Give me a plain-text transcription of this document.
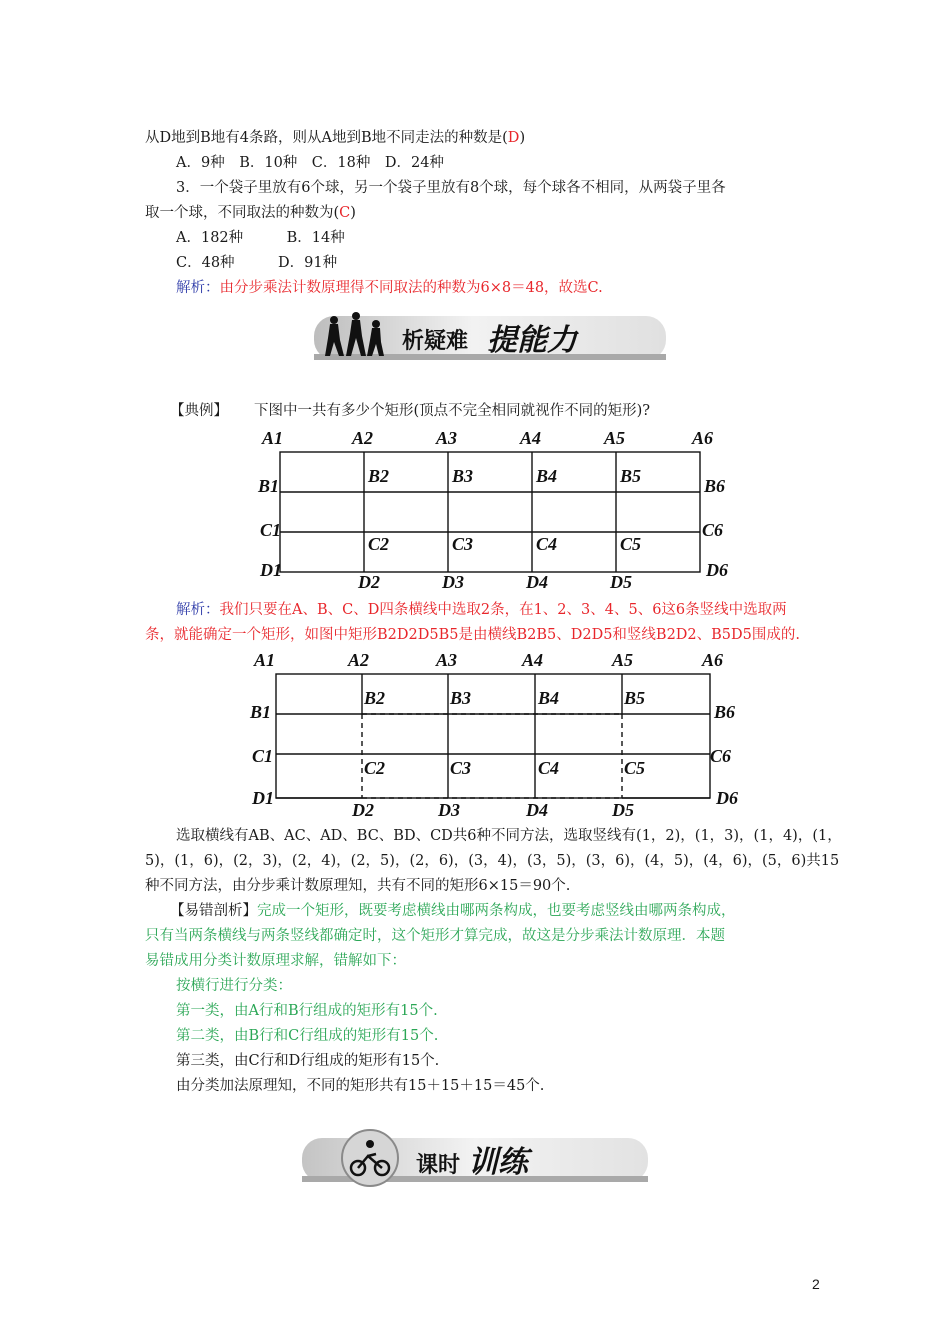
从D地到B地有4条路，则从A地到B地不同走法的种数是(D)
A．9种　B．10种　C．18种　D．24种
3．一个袋子里放有6个球，另一个袋子里放有8个球，每个球各不相同，从两袋子里各
取一个球，不同取法的种数为(C)
A．182种　　　B．14种
C．48种　　　D．91种
解析：由分步乘法计数原理得不同取法的种数为6×8＝48，故选C.
析疑难 提能力
【典例】 下图中一共有多少个矩形(顶点不完全相同就视作不同的矩形)?
A1	A2	A3	A4	A5	A6
B1	B6
B2	B3	B4	B5
C1	C6
C2	C3	C4	C5
D1	D6
D2	D3	D4	D5
解析：我们只要在A、B、C、D四条横线中选取2条，在1、2、3、4、5、6这6条竖线中选取两
条，就能确定一个矩形，如图中矩形B2D2D5B5是由横线B2B5、D2D5和竖线B2D2、B5D5围成的.
A1	A2	A3	A4	A5	A6
B1	B6
B2	B3	B4	B5
C1	C6
C2	C3	C4	C5
D1	D6
D2	D3	D4	D5
选取横线有AB、AC、AD、BC、BD、CD共6种不同方法，选取竖线有(1，2)，(1，3)，(1，4)，(1，
5)，(1，6)，(2，3)，(2，4)，(2，5)，(2，6)，(3，4)，(3，5)，(3，6)，(4，5)，(4，6)，(5，6)共15
种不同方法，由分步乘计数原理知，共有不同的矩形6×15＝90个.
【易错剖析】完成一个矩形，既要考虑横线由哪两条构成，也要考虑竖线由哪两条构成，
只有当两条横线与两条竖线都确定时，这个矩形才算完成，故这是分步乘法计数原理．本题
易错成用分类计数原理求解，错解如下：
按横行进行分类：
第一类，由A行和B行组成的矩形有15个.
第二类，由B行和C行组成的矩形有15个.
第三类，由C行和D行组成的矩形有15个.
由分类加法原理知，不同的矩形共有15＋15＋15＝45个.
课时 训练
2
